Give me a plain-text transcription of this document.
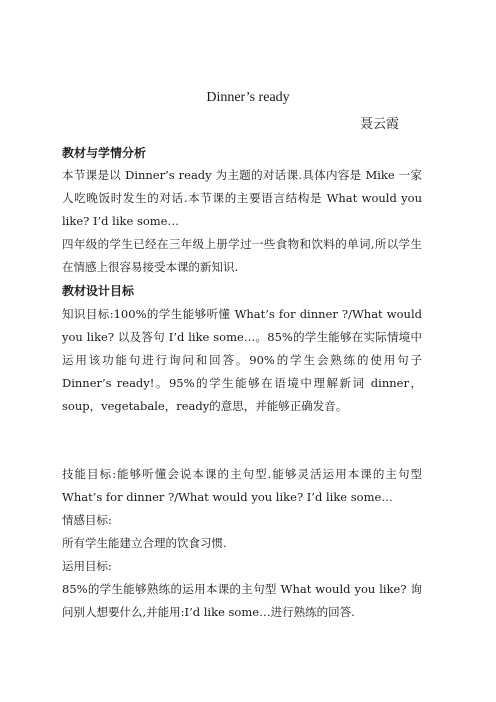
Dinner’s ready
聂云霞
教材与学情分析
本节课是以 Dinner’s ready 为主题的对话课.具体内容是 Mike 一家人吃晚饭时发生的对话.本节课的主要语言结构是 What would you like? I’d like some…
四年级的学生已经在三年级上册学过一些食物和饮料的单词,所以学生在情感上很容易接受本课的新知识.
教材设计目标
知识目标:100%的学生能够听懂 What’s for dinner ?/What would you like? 以及答句 I’d like some…。85%的学生能够在实际情境中运用该功能句进行询问和回答。90%的学生会熟练的使用句子 Dinner’s ready!。95%的学生能够在语境中理解新词 dinner，soup，vegetabale，ready的意思，并能够正确发音。
技能目标:能够听懂会说本课的主句型.能够灵活运用本课的主句型 What’s for dinner ?/What would you like? I’d like some…
情感目标:
所有学生能建立合理的饮食习惯.
运用目标:
85%的学生能够熟练的运用本课的主句型 What would you like? 询问别人想要什么,并能用:I’d like some…进行熟练的回答.
